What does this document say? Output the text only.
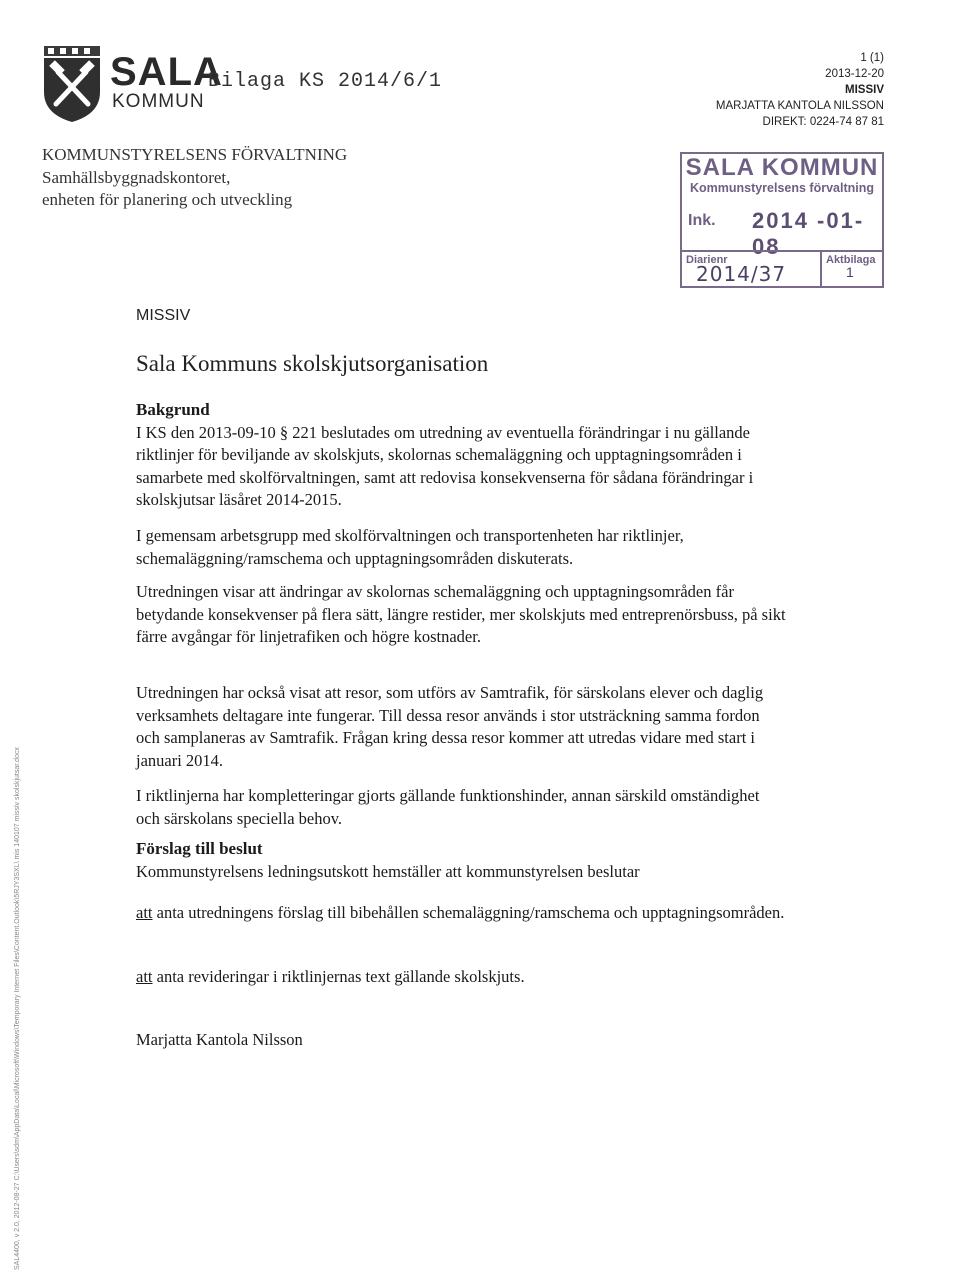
SALA
KOMMUN
Bilaga KS 2014/6/1
1 (1)
2013-12-20
MISSIV
MARJATTA KANTOLA NILSSON
DIREKT: 0224-74 87 81
KOMMUNSTYRELSENS FÖRVALTNING
Samhällsbyggnadskontoret,
enheten för planering och utveckling
SALA KOMMUN
Kommunstyrelsens förvaltning
Ink. 2014 -01- 08
Diarienr
2014/37
Aktbilaga
1
MISSIV
Sala Kommuns skolskjutsorganisation

Bakgrund

I KS den 2013-09-10 § 221 beslutades om utredning av eventuella förändringar i nu gällande riktlinjer för beviljande av skolskjuts, skolornas schemaläggning och upptagningsområden i samarbete med skolförvaltningen, samt att redovisa konsekvenserna för sådana förändringar i skolskjutsar läsåret 2014-2015.

I gemensam arbetsgrupp med skolförvaltningen och transportenheten har riktlinjer, schemaläggning/ramschema och upptagningsområden diskuterats.
Utredningen visar att ändringar av skolornas schemaläggning och upptagningsområden får betydande konsekvenser på flera sätt, längre restider, mer skolskjuts med entreprenörsbuss, på sikt färre avgångar för linjetrafiken och högre kostnader.
Utredningen har också visat att resor, som utförs av Samtrafik, för särskolans elever och daglig verksamhets deltagare inte fungerar. Till dessa resor används i stor utsträckning samma fordon och samplaneras av Samtrafik. Frågan kring dessa resor kommer att utredas vidare med start i januari 2014.
I riktlinjerna har kompletteringar gjorts gällande funktionshinder, annan särskild omständighet och särskolans speciella behov.

Förslag till beslut

Kommunstyrelsens ledningsutskott hemställer att kommunstyrelsen beslutar

att anta utredningens förslag till bibehållen schemaläggning/ramschema och upptagningsområden.
att anta revideringar i riktlinjernas text gällande skolskjuts.
Marjatta Kantola Nilsson
SAL4400, v 2.0, 2012-08-27 C:\Users\sdm\AppData\Local\Microsoft\Windows\Temporary Internet Files\Content.Outlook\5RJY3SXL\ mis 140107 missiv skolskjutsar.docx
